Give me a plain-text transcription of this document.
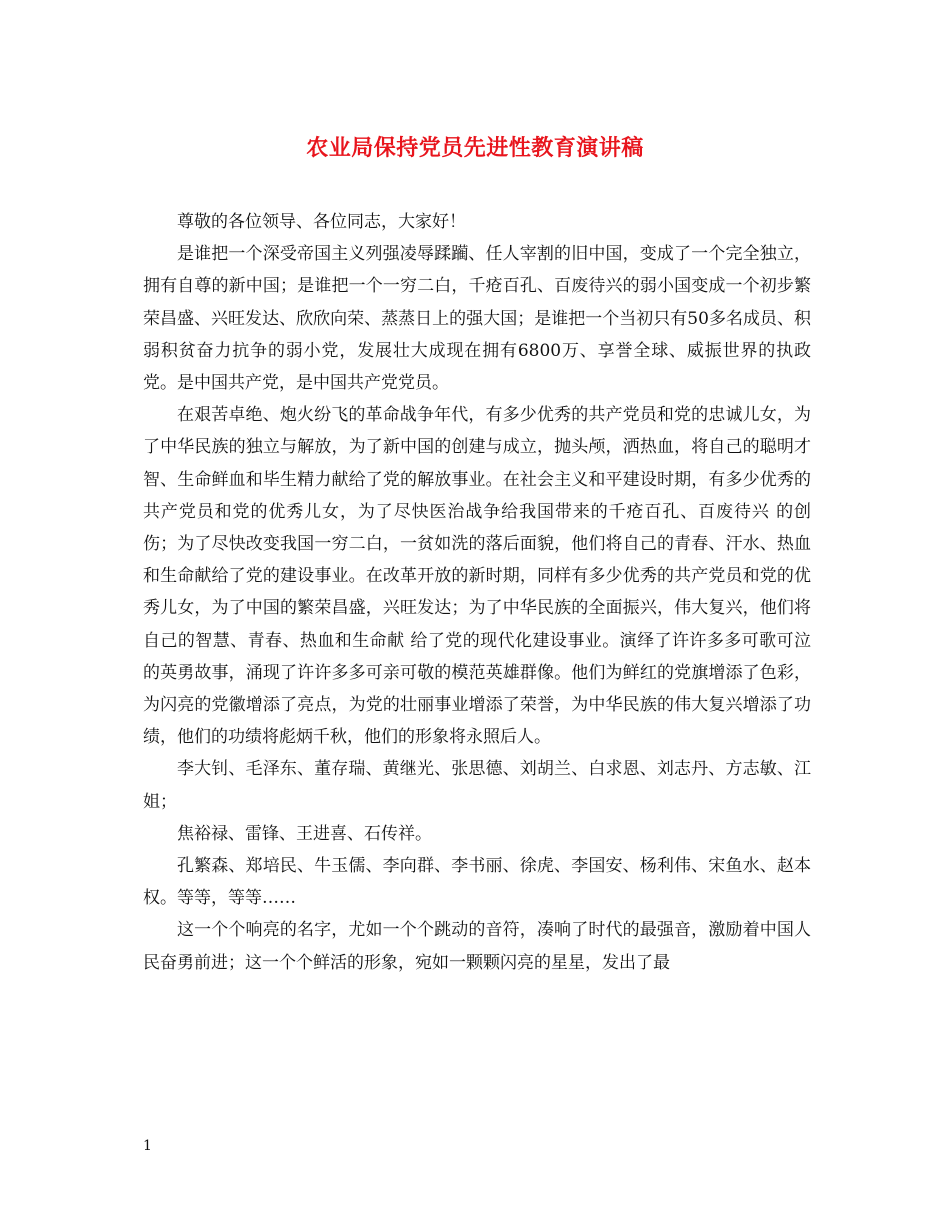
农业局保持党员先进性教育演讲稿

尊敬的各位领导、各位同志，大家好！

是谁把一个深受帝国主义列强凌辱蹂躏、任人宰割的旧中国，变成了一个完全独立，拥有自尊的新中国；是谁把一个一穷二白，千疮百孔、百废待兴的弱小国变成一个初步繁荣昌盛、兴旺发达、欣欣向荣、蒸蒸日上的强大国；是谁把一个当初只有50多名成员、积弱积贫奋力抗争的弱小党，发展壮大成现在拥有6800万、享誉全球、威振世界的执政党。是中国共产党，是中国共产党党员。

在艰苦卓绝、炮火纷飞的革命战争年代，有多少优秀的共产党员和党的忠诚儿女，为了中华民族的独立与解放，为了新中国的创建与成立，抛头颅，洒热血，将自己的聪明才智、生命鲜血和毕生精力献给了党的解放事业。在社会主义和平建设时期，有多少优秀的共产党员和党的优秀儿女，为了尽快医治战争给我国带来的千疮百孔、百废待兴 的创伤；为了尽快改变我国一穷二白，一贫如洗的落后面貌，他们将自己的青春、汗水、热血和生命献给了党的建设事业。在改革开放的新时期，同样有多少优秀的共产党员和党的优秀儿女，为了中国的繁荣昌盛，兴旺发达；为了中华民族的全面振兴，伟大复兴，他们将自己的智慧、青春、热血和生命献 给了党的现代化建设事业。演绎了许许多多可歌可泣的英勇故事，涌现了许许多多可亲可敬的模范英雄群像。他们为鲜红的党旗增添了色彩，为闪亮的党徽增添了亮点，为党的壮丽事业增添了荣誉，为中华民族的伟大复兴增添了功绩，他们的功绩将彪炳千秋，他们的形象将永照后人。

李大钊、毛泽东、董存瑞、黄继光、张思德、刘胡兰、白求恩、刘志丹、方志敏、江姐；

焦裕禄、雷锋、王进喜、石传祥。

孔繁森、郑培民、牛玉儒、李向群、李书丽、徐虎、李国安、杨利伟、宋鱼水、赵本权。等等，等等……

这一个个响亮的名字，尤如一个个跳动的音符，凑响了时代的最强音，激励着中国人民奋勇前进；这一个个鲜活的形象，宛如一颗颗闪亮的星星，发出了最

1
